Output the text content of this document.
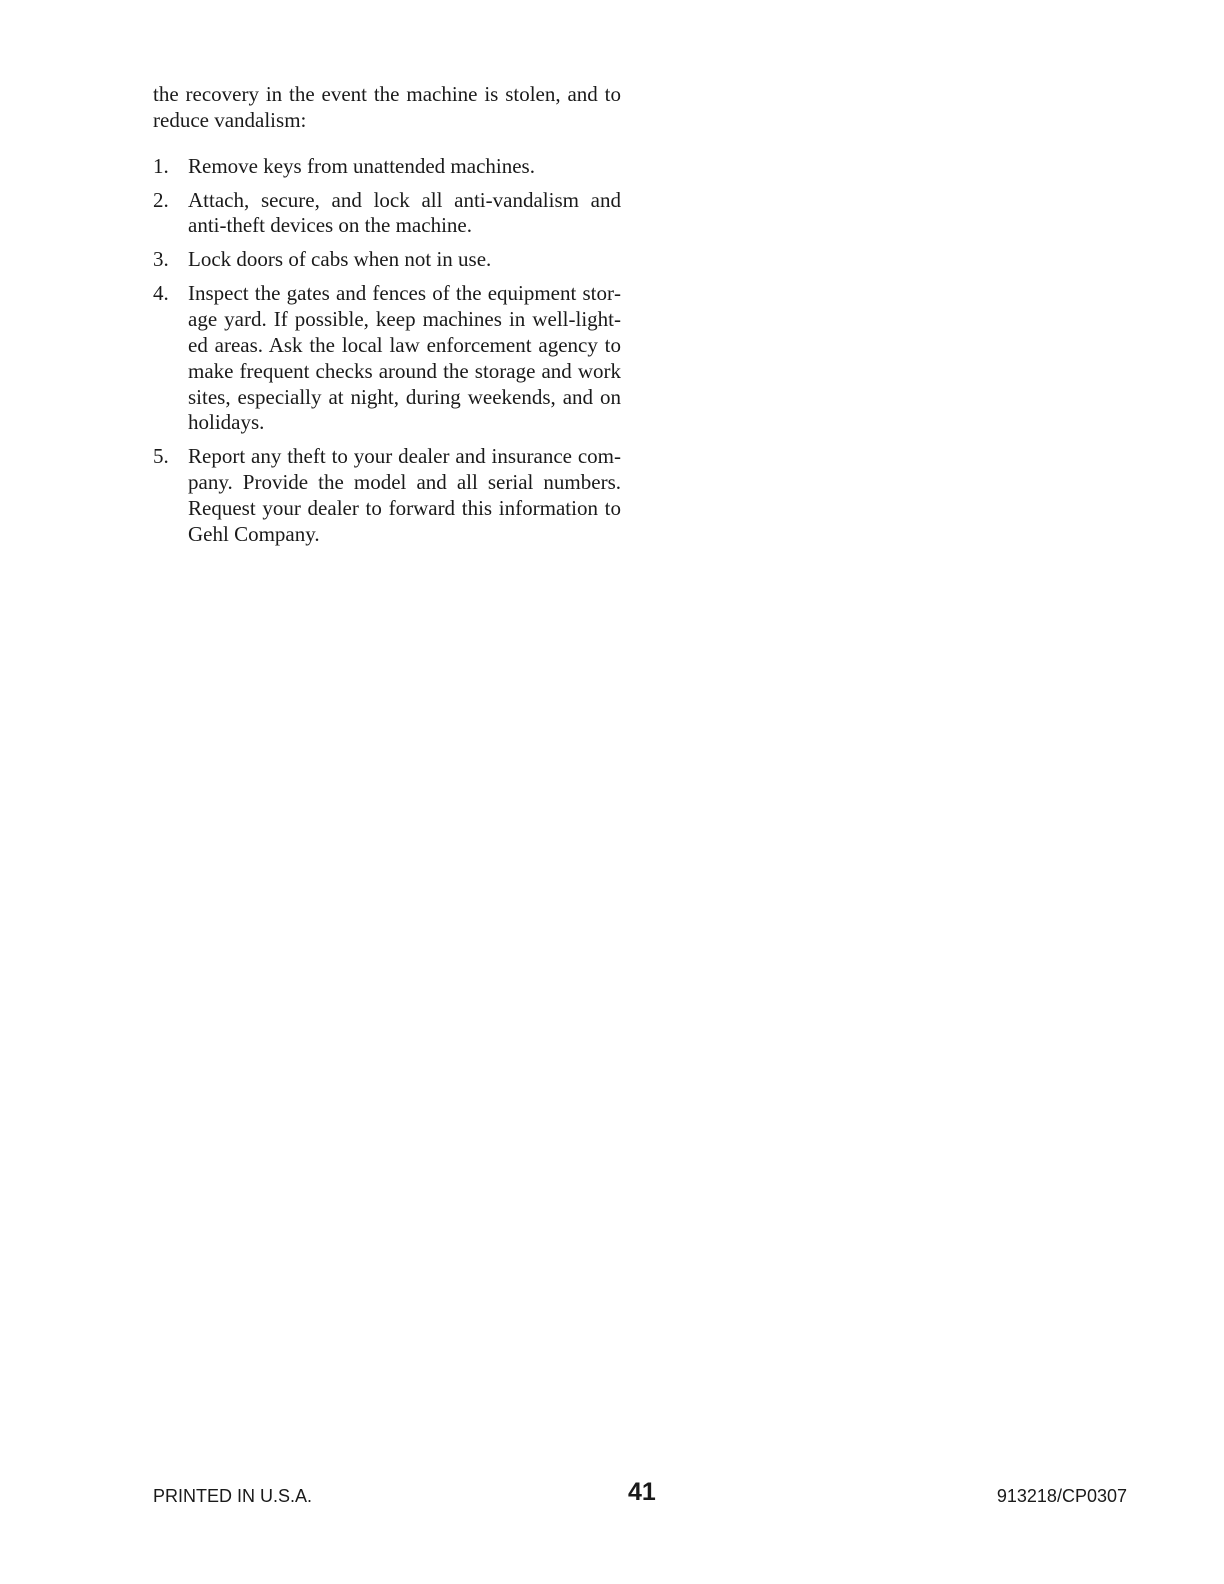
the recovery in the event the machine is stolen, and to reduce vandalism:

1. Remove keys from unattended machines.
2. Attach, secure, and lock all anti-vandalism and anti-theft devices on the machine.
3. Lock doors of cabs when not in use.
4. Inspect the gates and fences of the equipment storage yard. If possible, keep machines in well-lighted areas. Ask the local law enforcement agency to make frequent checks around the storage and work sites, especially at night, during weekends, and on holidays.
5. Report any theft to your dealer and insurance company. Provide the model and all serial numbers. Request your dealer to forward this information to Gehl Company.
PRINTED IN U.S.A.	41	913218/CP0307
